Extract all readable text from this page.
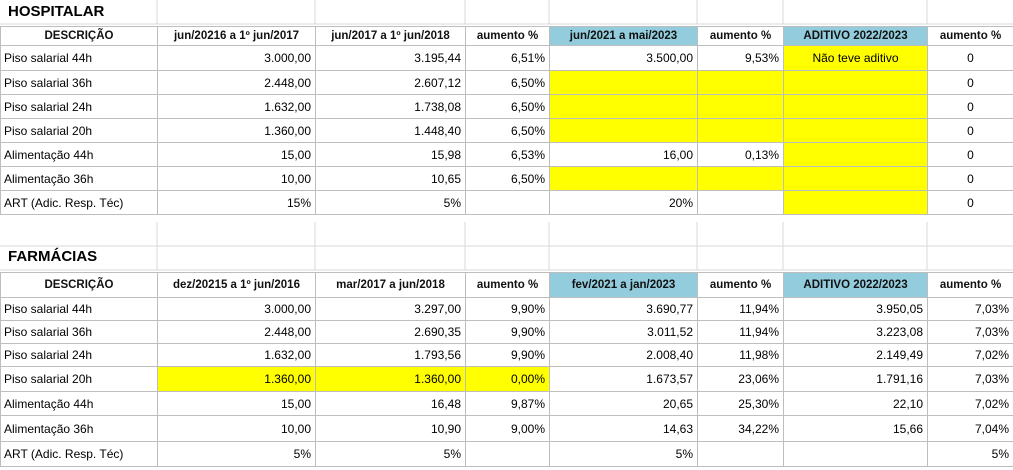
HOSPITALAR
DESCRIÇÃO	jun/20216 a 1º jun/2017	jun/2017 a 1º jun/2018	aumento %	jun/2021 a mai/2023	aumento %	ADITIVO 2022/2023	aumento %
Piso salarial 44h	3.000,00	3.195,44	6,51%	3.500,00	9,53%	Não teve aditivo	0
Piso salarial 36h	2.448,00	2.607,12	6,50%				0
Piso salarial 24h	1.632,00	1.738,08	6,50%				0
Piso salarial 20h	1.360,00	1.448,40	6,50%				0
Alimentação 44h	15,00	15,98	6,53%	16,00	0,13%		0
Alimentação 36h	10,00	10,65	6,50%				0
ART (Adic. Resp. Téc)	15%	5%		20%			0
FARMÁCIAS
DESCRIÇÃO	dez/20215 a 1º jun/2016	mar/2017 a jun/2018	aumento %	fev/2021 a jan/2023	aumento %	ADITIVO 2022/2023	aumento %
Piso salarial 44h	3.000,00	3.297,00	9,90%	3.690,77	11,94%	3.950,05	7,03%
Piso salarial 36h	2.448,00	2.690,35	9,90%	3.011,52	11,94%	3.223,08	7,03%
Piso salarial 24h	1.632,00	1.793,56	9,90%	2.008,40	11,98%	2.149,49	7,02%
Piso salarial 20h	1.360,00	1.360,00	0,00%	1.673,57	23,06%	1.791,16	7,03%
Alimentação 44h	15,00	16,48	9,87%	20,65	25,30%	22,10	7,02%
Alimentação 36h	10,00	10,90	9,00%	14,63	34,22%	15,66	7,04%
ART (Adic. Resp. Téc)	5%	5%		5%			5%
